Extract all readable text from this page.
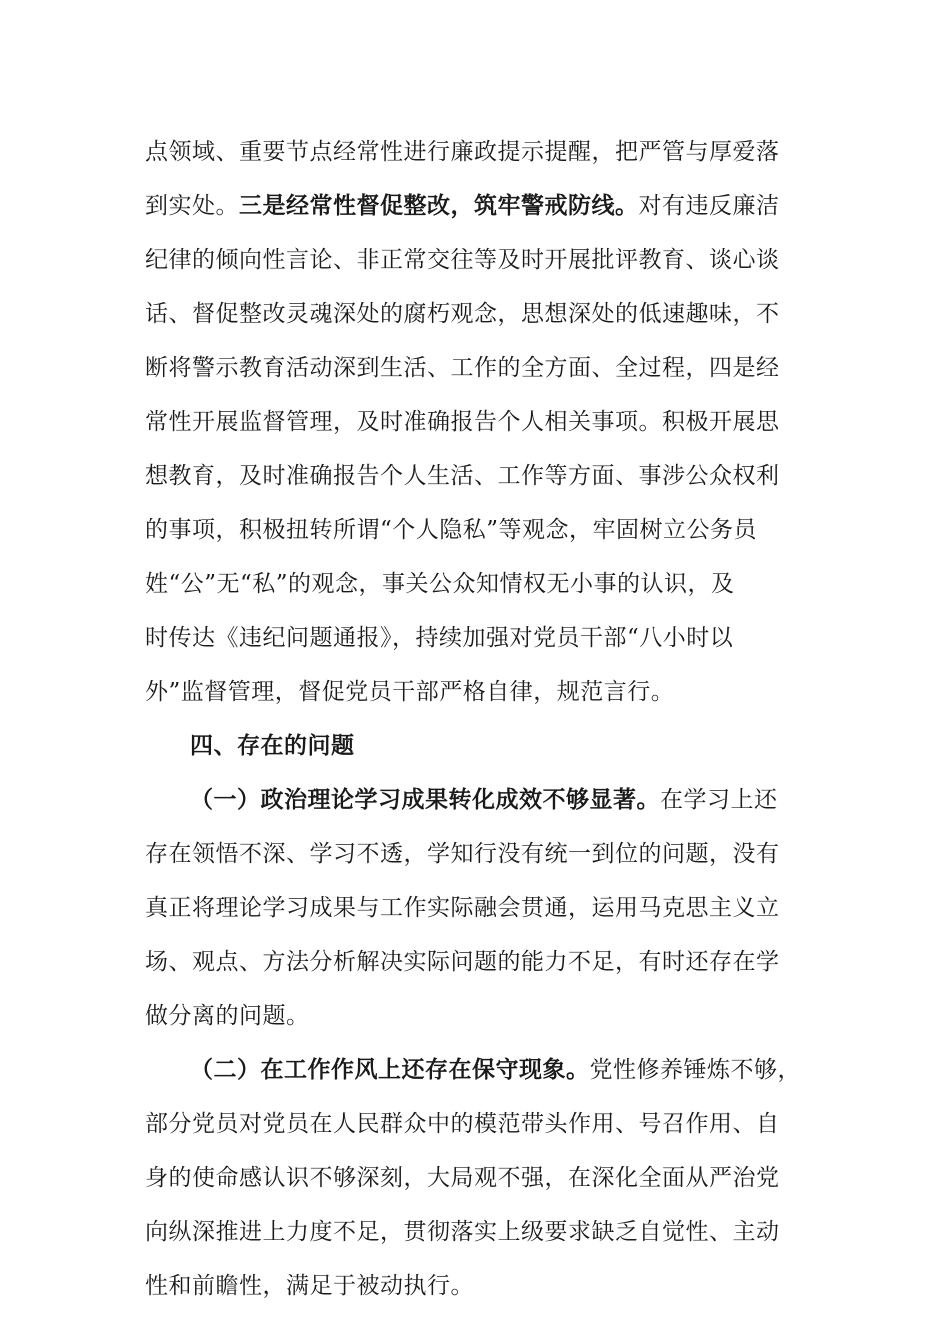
点领域、重要节点经常性进行廉政提示提醒，把严管与厚爱落
到实处。三是经常性督促整改，筑牢警戒防线。对有违反廉洁
纪律的倾向性言论、非正常交往等及时开展批评教育、谈心谈
话、督促整改灵魂深处的腐朽观念，思想深处的低速趣味，不
断将警示教育活动深到生活、工作的全方面、全过程，四是经
常性开展监督管理，及时准确报告个人相关事项。积极开展思
想教育，及时准确报告个人生活、工作等方面、事涉公众权利
的事项，积极扭转所谓“个人隐私”等观念，牢固树立公务员
姓“公”无“私”的观念，事关公众知情权无小事的认识，及
时传达《违纪问题通报》，持续加强对党员干部“八小时以
外”监督管理，督促党员干部严格自律，规范言行。
四、存在的问题
（一）政治理论学习成果转化成效不够显著。在学习上还
存在领悟不深、学习不透，学知行没有统一到位的问题，没有
真正将理论学习成果与工作实际融会贯通，运用马克思主义立
场、观点、方法分析解决实际问题的能力不足，有时还存在学
做分离的问题。
（二）在工作作风上还存在保守现象。党性修养锤炼不够，
部分党员对党员在人民群众中的模范带头作用、号召作用、自
身的使命感认识不够深刻，大局观不强，在深化全面从严治党
向纵深推进上力度不足，贯彻落实上级要求缺乏自觉性、主动
性和前瞻性，满足于被动执行。
